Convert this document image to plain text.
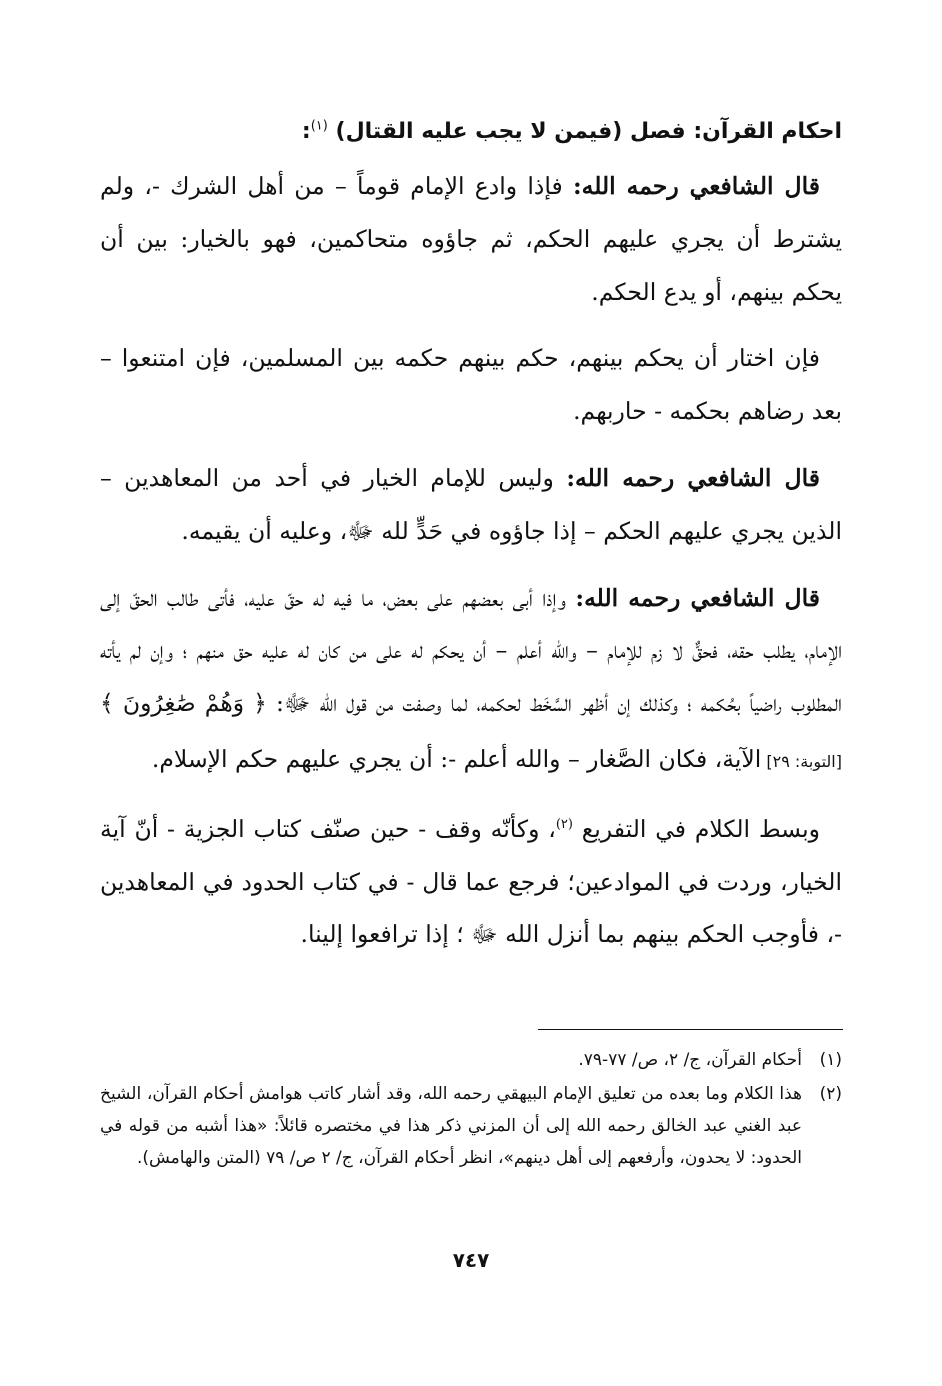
احكام القرآن: فصل (فيمن لا يجب عليه القتال) $^{(١)}$:

قال الشافعي رحمه الله: فإذا وادع الإمام قوماً – من أهل الشرك -، ولم يشترط أن يجري عليهم الحكم، ثم جاؤوه متحاكمين، فهو بالخيار: بين أن يحكم بينهم، أو يدع الحكم.

فإن اختار أن يحكم بينهم، حكم بينهم حكمه بين المسلمين، فإن امتنعوا – بعد رضاهم بحكمه - حاربهم.

قال الشافعي رحمه الله: وليس للإمام الخيار في أحد من المعاهدين – الذين يجري عليهم الحكم – إذا جاؤوه في حَدٍّ لله ﷻ، وعليه أن يقيمه.

قال الشافعي رحمه الله: وإذا أبى بعضهم على بعض، ما فيه له حقّ عليه، فأتى طالب الحقّ إلى الإمام، يطلب حقه، فحقٌّ لا زم للإمام – والله أعلم – أن يحكم له على من كان له عليه حق منهم ؛ وإن لم يأته المطلوب راضياً بحُكمه ؛ وكذلك إن أظهر السَّخَط لحكمه، لما وصفت من قول الله ﷻ: ﴿ وَهُمْ صَٰغِرُونَ ﴾ [التوبة: ٢٩] الآية، فكان الصَّغار – والله أعلم -: أن يجري عليهم حكم الإسلام.

وبسط الكلام في التفريع $^{(٢)}$، وكأنّه وقف - حين صنّف كتاب الجزية - أنّ آية الخيار، وردت في الموادعين؛ فرجع عما قال - في كتاب الحدود في المعاهدين -، فأوجب الحكم بينهم بما أنزل الله ﷻ ؛ إذا ترافعوا إلينا.

(١)
أحكام القرآن، ج/ ٢، ص/ ٧٧-٧٩.
(٢)
هذا الكلام وما بعده من تعليق الإمام البيهقي رحمه الله، وقد أشار كاتب هوامش أحكام القرآن، الشيخ عبد الغني عبد الخالق رحمه الله إلى أن المزني ذكر هذا في مختصره قائلاً: «هذا أشبه من قوله في الحدود: لا يحدون، وأرفعهم إلى أهل دينهم»، انظر أحكام القرآن، ج/ ٢ ص/ ٧٩ (المتن والهامش).
٧٤٧
